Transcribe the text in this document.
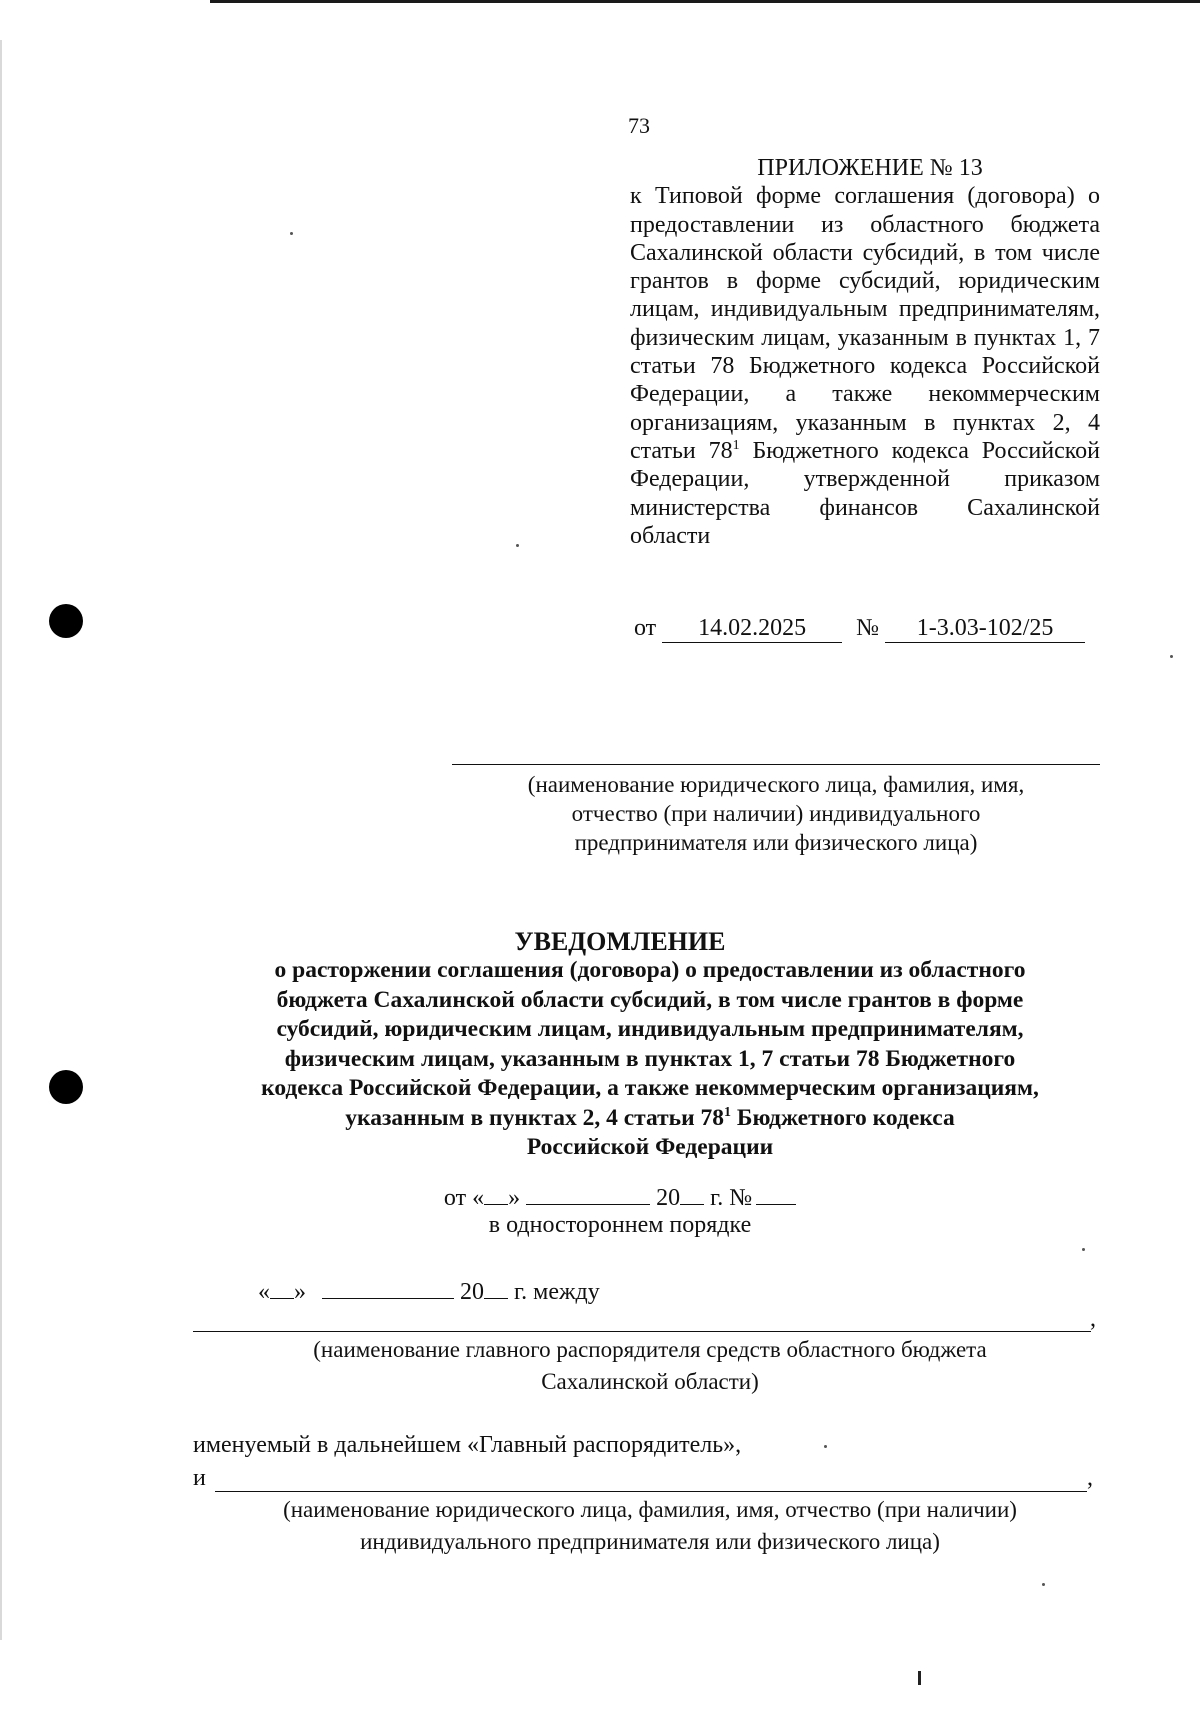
73

ПРИЛОЖЕНИЕ № 13

к Типовой форме соглашения (договора) о предоставлении из областного бюджета Сахалинской области субсидий, в том числе грантов в форме субсидий, юридическим лицам, индивидуальным предпринимателям, физическим лицам, указанным в пунктах 1, 7 статьи 78 Бюджетного кодекса Российской Федерации, а также некоммерческим организациям, указанным в пунктах 2, 4 статьи $78^1$ Бюджетного кодекса Российской Федерации, утвержденной приказом министерства финансов Сахалинской области

от 14.02.2025 № 1-3.03-102/25
(наименование юридического лица, фамилия, имя,
отчество (при наличии) индивидуального
предпринимателя или физического лица)
УВЕДОМЛЕНИЕ
о расторжении соглашения (договора) о предоставлении из областного
бюджета Сахалинской области субсидий, в том числе грантов в форме
субсидий, юридическим лицам, индивидуальным предпринимателям,
физическим лицам, указанным в пунктах 1, 7 статьи 78 Бюджетного
кодекса Российской Федерации, а также некоммерческим организациям,
указанным в пунктах 2, 4 статьи $78^1$ Бюджетного кодекса
Российской Федерации
от « »	20 г. №
в одностороннем порядке
« »	20 г. между
,
(наименование главного распорядителя средств областного бюджета
Сахалинской области)
именуемый в дальнейшем «Главный распорядитель»,
и	,
(наименование юридического лица, фамилия, имя, отчество (при наличии)
индивидуального предпринимателя или физического лица)
